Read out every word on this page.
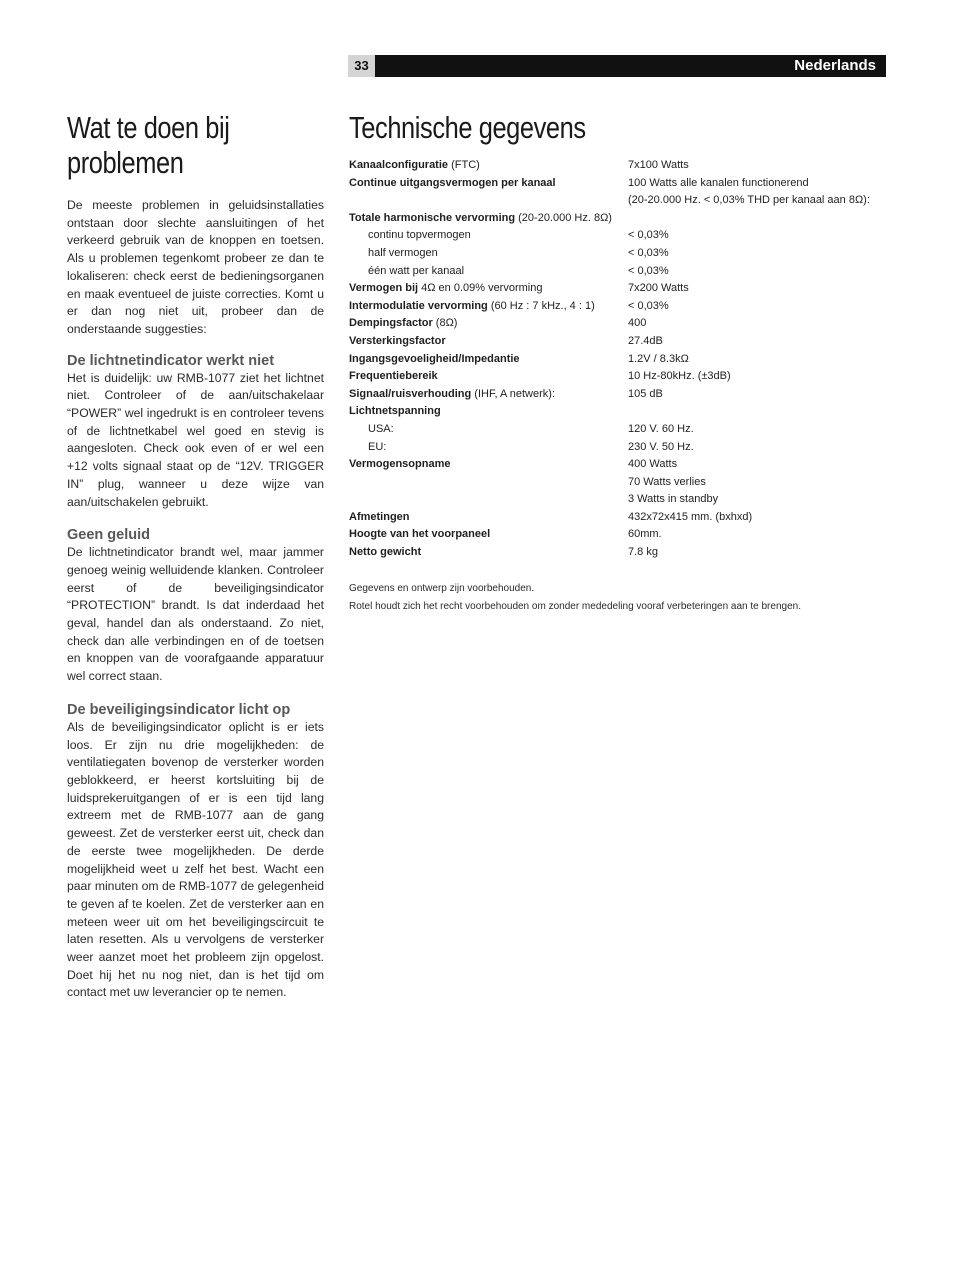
33	Nederlands
Wat te doen bij problemen

De meeste problemen in geluidsinstallaties ontstaan door slechte aansluitingen of het verkeerd gebruik van de knoppen en toetsen. Als u problemen tegenkomt probeer ze dan te lokaliseren: check eerst de bedieningsorganen en maak eventueel de juiste correcties. Komt u er dan nog niet uit, probeer dan de onderstaande suggesties:

De lichtnetindicator werkt niet

Het is duidelijk: uw RMB-1077 ziet het lichtnet niet. Controleer of de aan/uitschakelaar “POWER” wel ingedrukt is en controleer tevens of de lichtnetkabel wel goed en stevig is aangesloten. Check ook even of er wel een +12 volts signaal staat op de “12V. TRIGGER IN” plug, wanneer u deze wijze van aan/uitschakelen gebruikt.

Geen geluid

De lichtnetindicator brandt wel, maar jammer genoeg weinig welluidende klanken. Controleer eerst of de beveiligingsindicator “PROTECTION” brandt. Is dat inderdaad het geval, handel dan als onderstaand. Zo niet, check dan alle verbindingen en of de toetsen en knoppen van de voorafgaande apparatuur wel correct staan.

De beveiligingsindicator licht op

Als de beveiligingsindicator oplicht is er iets loos. Er zijn nu drie mogelijkheden: de ventilatiegaten bovenop de versterker worden geblokkeerd, er heerst kortsluiting bij de luidsprekeruitgangen of er is een tijd lang extreem met de RMB-1077 aan de gang geweest. Zet de versterker eerst uit, check dan de eerste twee mogelijkheden. De derde mogelijkheid weet u zelf het best. Wacht een paar minuten om de RMB-1077 de gelegenheid te geven af te koelen. Zet de versterker aan en meteen weer uit om het beveiligingscircuit te laten resetten. Als u vervolgens de versterker weer aanzet moet het probleem zijn opgelost. Doet hij het nu nog niet, dan is het tijd om contact met uw leverancier op te nemen.

Technische gegevens
Kanaalconfiguratie (FTC)	7x100 Watts
Continue uitgangsvermogen per kanaal	100 Watts alle kanalen functionerend
(20-20.000 Hz. < 0,03% THD per kanaal aan 8Ω):
Totale harmonische vervorming (20-20.000 Hz. 8Ω)
continu topvermogen	< 0,03%
half vermogen	< 0,03%
één watt per kanaal	< 0,03%
Vermogen bij 4Ω en 0.09% vervorming	7x200 Watts
Intermodulatie vervorming (60 Hz : 7 kHz., 4 : 1)	< 0,03%
Dempingsfactor (8Ω)	400
Versterkingsfactor	27.4dB
Ingangsgevoeligheid/Impedantie	1.2V / 8.3kΩ
Frequentiebereik	10 Hz-80kHz. (±3dB)
Signaal/ruisverhouding (IHF, A netwerk):	105 dB
Lichtnetspanning
USA:	120 V. 60 Hz.
EU:	230 V. 50 Hz.
Vermogensopname	400 Watts
70 Watts verlies
3 Watts in standby
Afmetingen	432x72x415 mm. (bxhxd)
Hoogte van het voorpaneel	60mm.
Netto gewicht	7.8 kg

Gegevens en ontwerp zijn voorbehouden.

Rotel houdt zich het recht voorbehouden om zonder mededeling vooraf verbeteringen aan te brengen.
